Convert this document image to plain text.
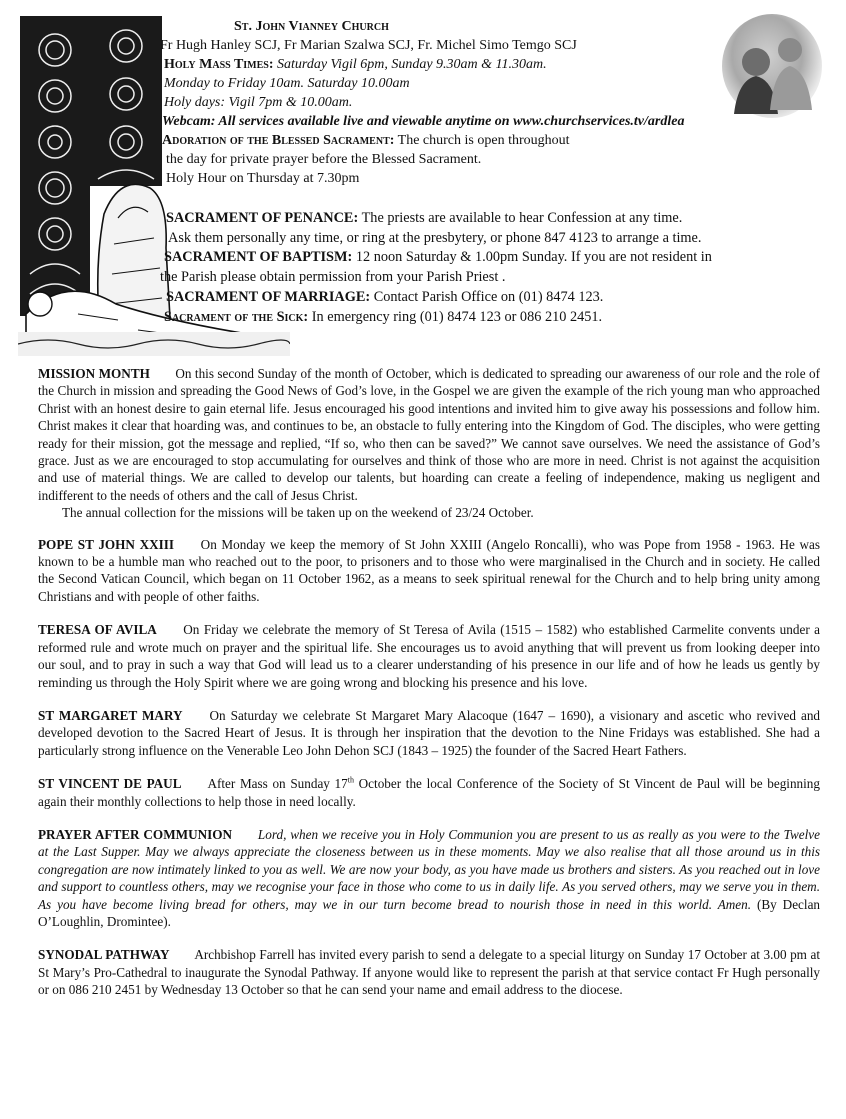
St. John Vianney Church
Fr Hugh Hanley SCJ, Fr Marian Szalwa SCJ, Fr. Michel Simo Temgo SCJ
Holy Mass Times: Saturday Vigil 6pm, Sunday 9.30am & 11.30am.
Monday to Friday 10am. Saturday 10.00am
Holy days: Vigil 7pm & 10.00am.
Webcam: All services available live and viewable anytime on www.churchservices.tv/ardlea
Adoration of the Blessed Sacrament: The church is open throughout
the day for private prayer before the Blessed Sacrament.
Holy Hour on Thursday at 7.30pm
SACRAMENT OF PENANCE: The priests are available to hear Confession at any time.
Ask them personally any time, or ring at the presbytery, or phone 847 4123 to arrange a time.
SACRAMENT OF BAPTISM: 12 noon Saturday & 1.00pm Sunday. If you are not resident in
the Parish please obtain permission from your Parish Priest .
SACRAMENT OF MARRIAGE: Contact Parish Office on (01) 8474 123.
Sacrament of the Sick: In emergency ring (01) 8474 123 or 086 210 2451.

MISSION MONTH On this second Sunday of the month of October, which is dedicated to spreading our awareness of our role and the role of the Church in mission and spreading the Good News of God’s love, in the Gospel we are given the example of the rich young man who approached Christ with an honest desire to gain eternal life. Jesus encouraged his good intentions and invited him to give away his possessions and follow him. Christ makes it clear that hoarding was, and continues to be, an obstacle to fully entering into the Kingdom of God. The disciples, who were getting ready for their mission, got the message and replied, “If so, who then can be saved?” We cannot save ourselves. We need the assistance of God’s grace. Just as we are encouraged to stop accumulating for ourselves and think of those who are more in need. Christ is not against the acquisition and use of material things. We are called to develop our talents, but hoarding can create a feeling of independence, making us negligent and indifferent to the needs of others and the call of Jesus Christ.
The annual collection for the missions will be taken up on the weekend of 23/24 October.

POPE ST JOHN XXIII On Monday we keep the memory of St John XXIII (Angelo Roncalli), who was Pope from 1958 - 1963. He was known to be a humble man who reached out to the poor, to prisoners and to those who were marginalised in the Church and in society. He called the Second Vatican Council, which began on 11 October 1962, as a means to seek spiritual renewal for the Church and to help bring unity among Christians and with people of other faiths.

TERESA OF AVILA On Friday we celebrate the memory of St Teresa of Avila (1515 – 1582) who established Carmelite convents under a reformed rule and wrote much on prayer and the spiritual life. She encourages us to avoid anything that will prevent us from looking deeper into our soul, and to pray in such a way that God will lead us to a clearer understanding of his presence in our life and of how he leads us gently by reminding us through the Holy Spirit where we are going wrong and blocking his presence and his love.

ST MARGARET MARY On Saturday we celebrate St Margaret Mary Alacoque (1647 – 1690), a visionary and ascetic who revived and developed devotion to the Sacred Heart of Jesus. It is through her inspiration that the devotion to the Nine Fridays was established. She had a particularly strong influence on the Venerable Leo John Dehon SCJ (1843 – 1925) the founder of the Sacred Heart Fathers.

ST VINCENT DE PAUL After Mass on Sunday 17th October the local Conference of the Society of St Vincent de Paul will be beginning again their monthly collections to help those in need locally.

PRAYER AFTER COMMUNION Lord, when we receive you in Holy Communion you are present to us as really as you were to the Twelve at the Last Supper. May we always appreciate the closeness between us in these moments. May we also realise that all those around us in this congregation are now intimately linked to you as well. We are now your body, as you have made us brothers and sisters. As you reached out in love and support to countless others, may we recognise your face in those who come to us in daily life. As you served others, may we serve you in them. As you have become living bread for others, may we in our turn become bread to nourish those in need in this world. Amen. (By Declan O’Loughlin, Dromintee).

SYNODAL PATHWAY Archbishop Farrell has invited every parish to send a delegate to a special liturgy on Sunday 17 October at 3.00 pm at St Mary’s Pro-Cathedral to inaugurate the Synodal Pathway. If anyone would like to represent the parish at that service contact Fr Hugh personally or on 086 210 2451 by Wednesday 13 October so that he can send your name and email address to the diocese.
